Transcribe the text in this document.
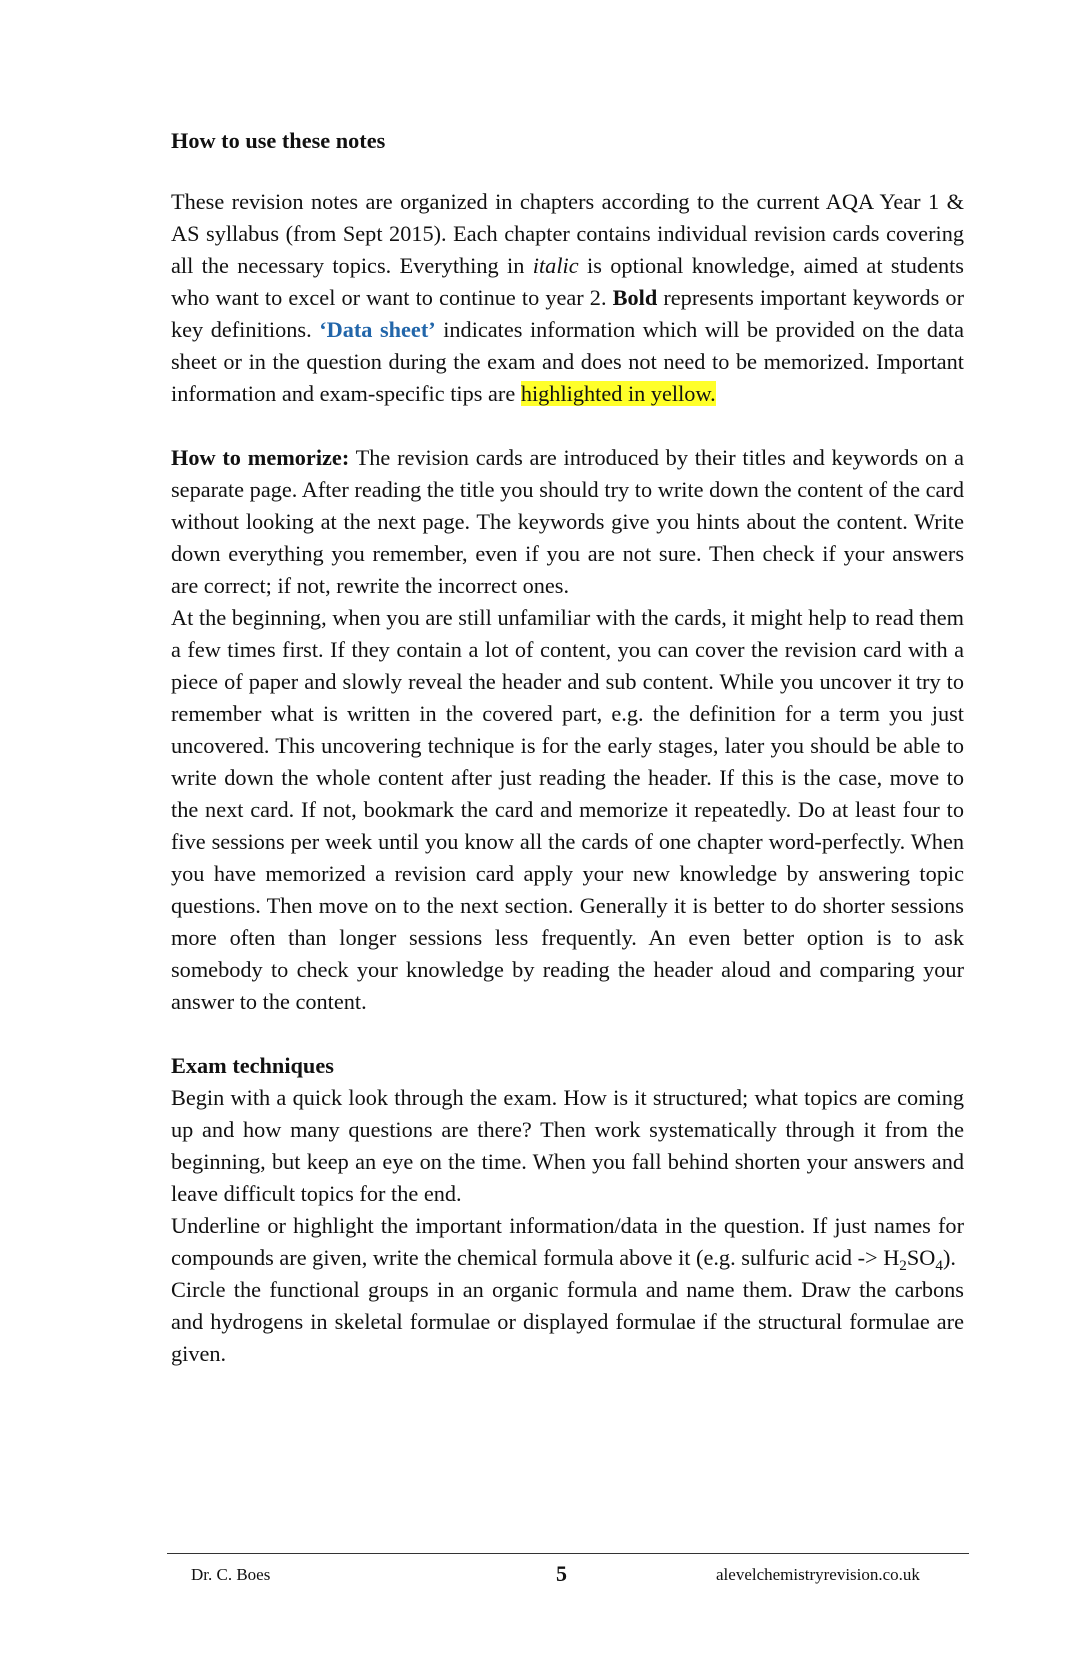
How to use these notes

These revision notes are organized in chapters according to the current AQA Year 1 & AS syllabus (from Sept 2015). Each chapter contains individual revision cards covering all the necessary topics. Everything in italic is optional knowledge, aimed at students who want to excel or want to continue to year 2. Bold represents important keywords or key definitions. ‘Data sheet’ indicates information which will be provided on the data sheet or in the question during the exam and does not need to be memorized. Important information and exam-specific tips are highlighted in yellow.

How to memorize: The revision cards are introduced by their titles and keywords on a separate page. After reading the title you should try to write down the content of the card without looking at the next page. The keywords give you hints about the content. Write down everything you remember, even if you are not sure. Then check if your answers are correct; if not, rewrite the incorrect ones.

At the beginning, when you are still unfamiliar with the cards, it might help to read them a few times first. If they contain a lot of content, you can cover the revision card with a piece of paper and slowly reveal the header and sub content. While you uncover it try to remember what is written in the covered part, e.g. the definition for a term you just uncovered. This uncovering technique is for the early stages, later you should be able to write down the whole content after just reading the header. If this is the case, move to the next card. If not, bookmark the card and memorize it repeatedly. Do at least four to five sessions per week until you know all the cards of one chapter word-perfectly. When you have memorized a revision card apply your new knowledge by answering topic questions. Then move on to the next section. Generally it is better to do shorter sessions more often than longer sessions less frequently. An even better option is to ask somebody to check your knowledge by reading the header aloud and comparing your answer to the content.

Exam techniques

Begin with a quick look through the exam. How is it structured; what topics are coming up and how many questions are there? Then work systematically through it from the beginning, but keep an eye on the time. When you fall behind shorten your answers and leave difficult topics for the end.

Underline or highlight the important information/data in the question. If just names for compounds are given, write the chemical formula above it (e.g. sulfuric acid -> $H_2SO_4$).

Circle the functional groups in an organic formula and name them. Draw the carbons and hydrogens in skeletal formulae or displayed formulae if the structural formulae are given.

Dr. C. Boes	5	alevelchemistryrevision.co.uk
